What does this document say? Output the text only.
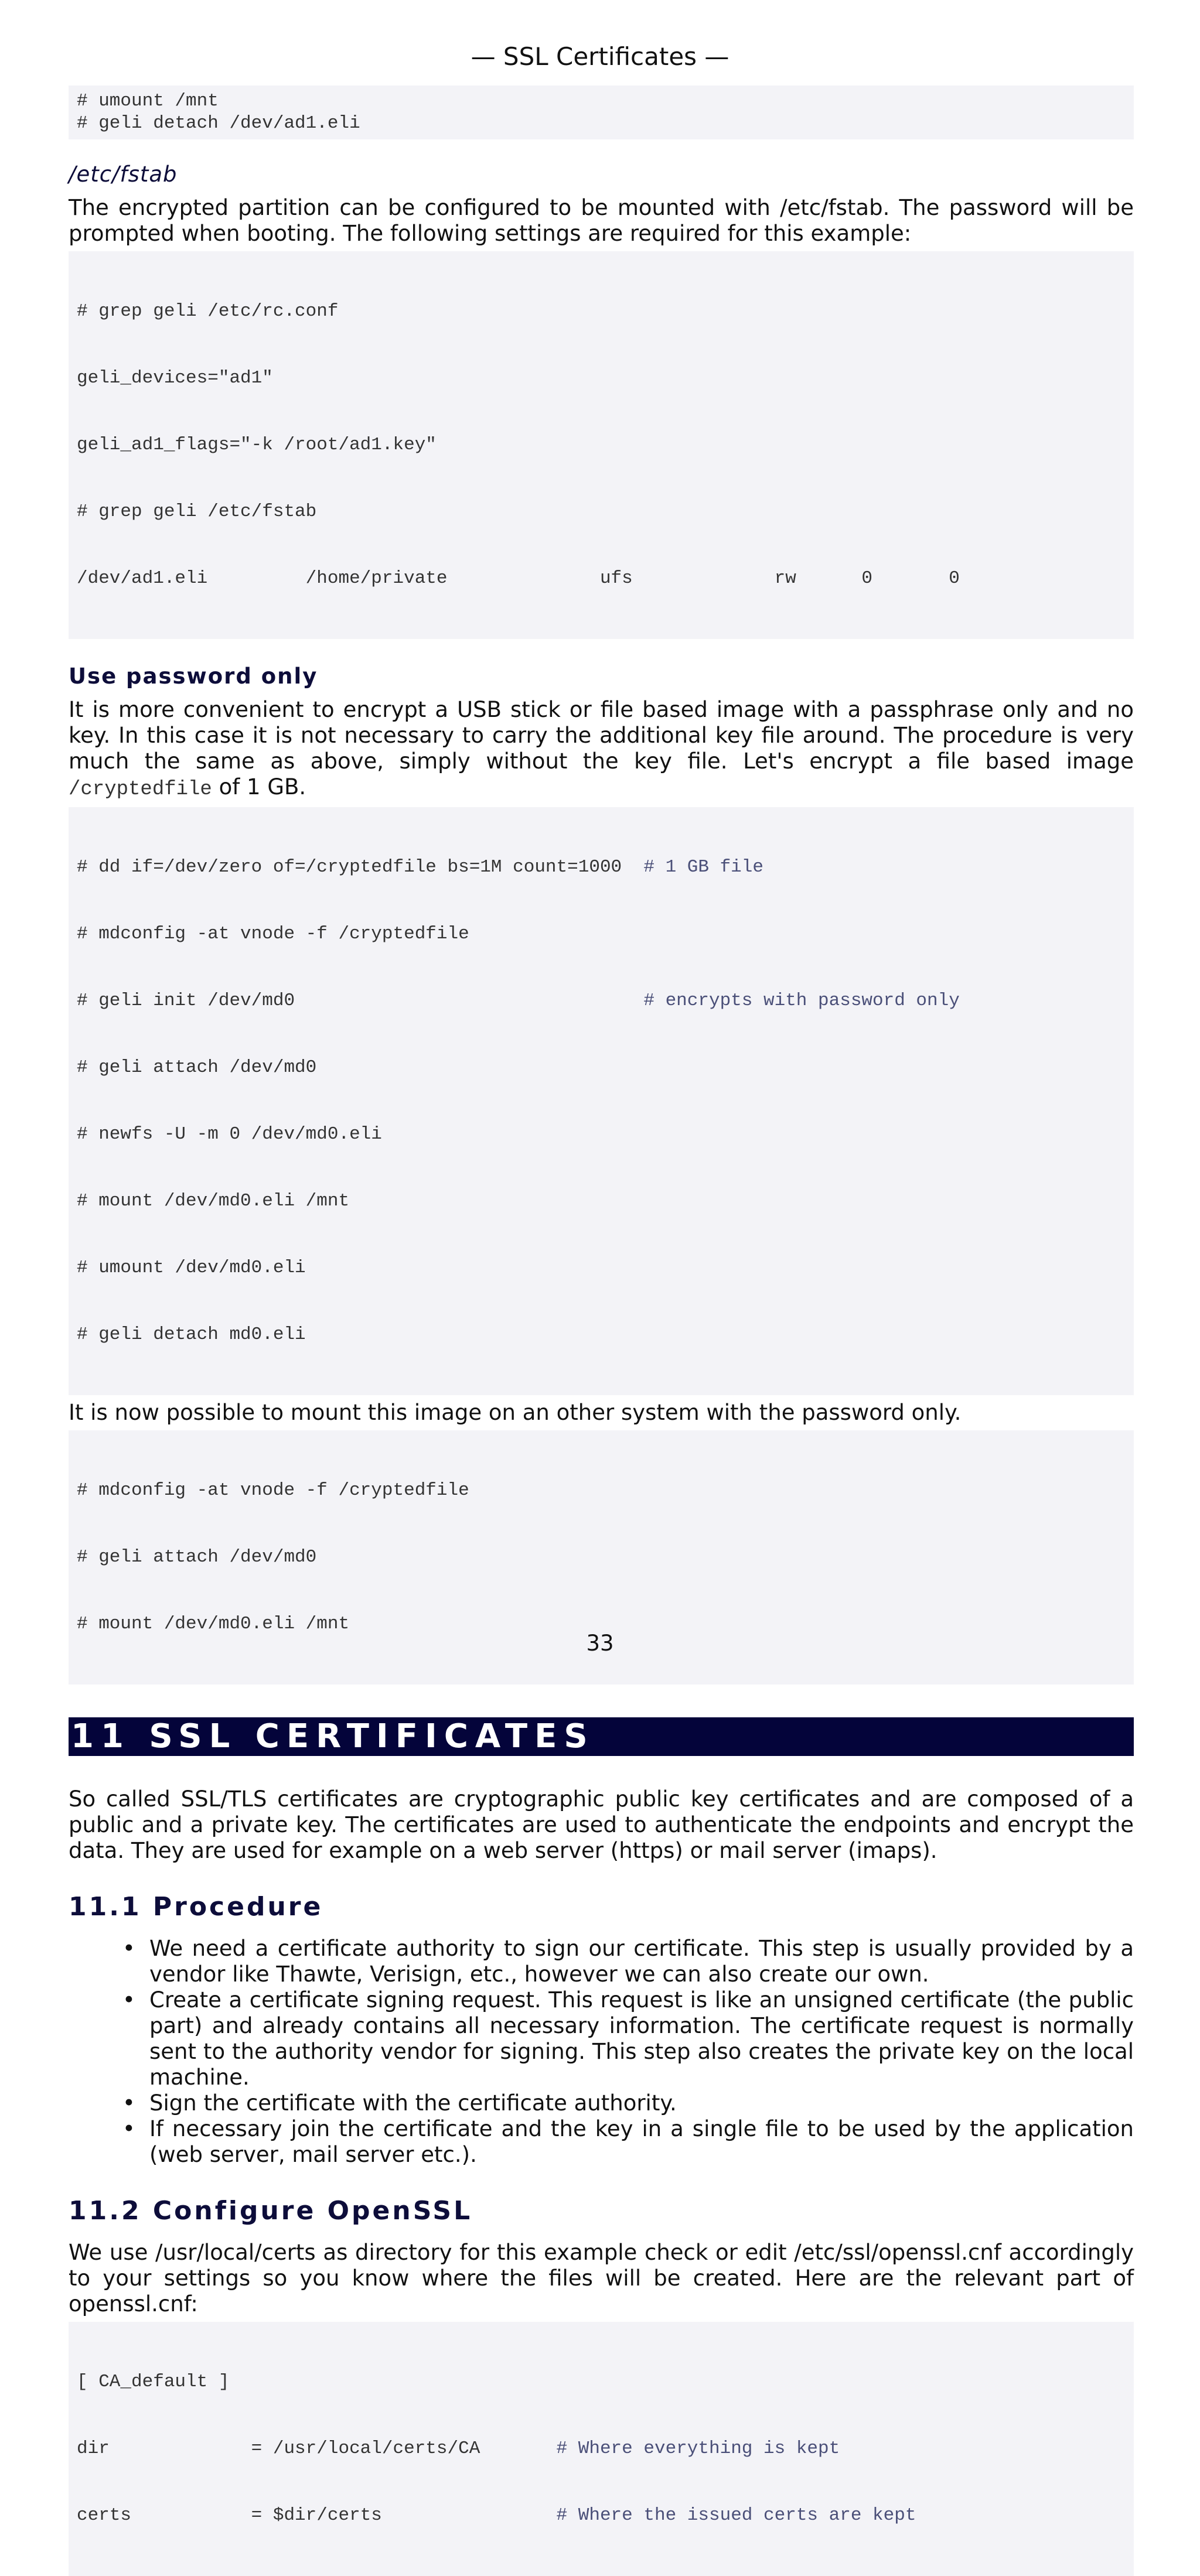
— SSL Certificates —
# umount /mnt
# geli detach /dev/ad1.eli

/etc/fstab

The encrypted partition can be configured to be mounted with /etc/fstab. The password will be prompted when booting. The following settings are required for this example:

# grep geli /etc/rc.conf

geli_devices="ad1"

geli_ad1_flags="-k /root/ad1.key"

# grep geli /etc/fstab

/dev/ad1.eli         /home/private              ufs             rw      0       0

Use password only

It is more convenient to encrypt a USB stick or file based image with a passphrase only and no key. In this case it is not necessary to carry the additional key file around. The procedure is very much the same as above, simply without the key file. Let's encrypt a file based image /cryptedfile of 1 GB.

# dd if=/dev/zero of=/cryptedfile bs=1M count=1000  # 1 GB file

# mdconfig -at vnode -f /cryptedfile

# geli init /dev/md0                                # encrypts with password only

# geli attach /dev/md0

# newfs -U -m 0 /dev/md0.eli

# mount /dev/md0.eli /mnt

# umount /dev/md0.eli

# geli detach md0.eli

It is now possible to mount this image on an other system with the password only.

# mdconfig -at vnode -f /cryptedfile

# geli attach /dev/md0

# mount /dev/md0.eli /mnt

11 SSL CERTIFICATES

So called SSL/TLS certificates are cryptographic public key certificates and are composed of a public and a private key. The certificates are used to authenticate the endpoints and encrypt the data. They are used for example on a web server (https) or mail server (imaps).

11.1 Procedure

• We need a certificate authority to sign our certificate. This step is usually provided by a vendor like Thawte, Verisign, etc., however we can also create our own.
• Create a certificate signing request. This request is like an unsigned certificate (the public part) and already contains all necessary information. The certificate request is normally sent to the authority vendor for signing. This step also creates the private key on the local machine.
• Sign the certificate with the certificate authority.
• If necessary join the certificate and the key in a single file to be used by the application (web server, mail server etc.).

11.2 Configure OpenSSL

We use /usr/local/certs as directory for this example check or edit /etc/ssl/openssl.cnf accordingly to your settings so you know where the files will be created. Here are the relevant part of openssl.cnf:

[ CA_default ]

dir             = /usr/local/certs/CA       # Where everything is kept

certs           = $dir/certs                # Where the issued certs are kept

33
